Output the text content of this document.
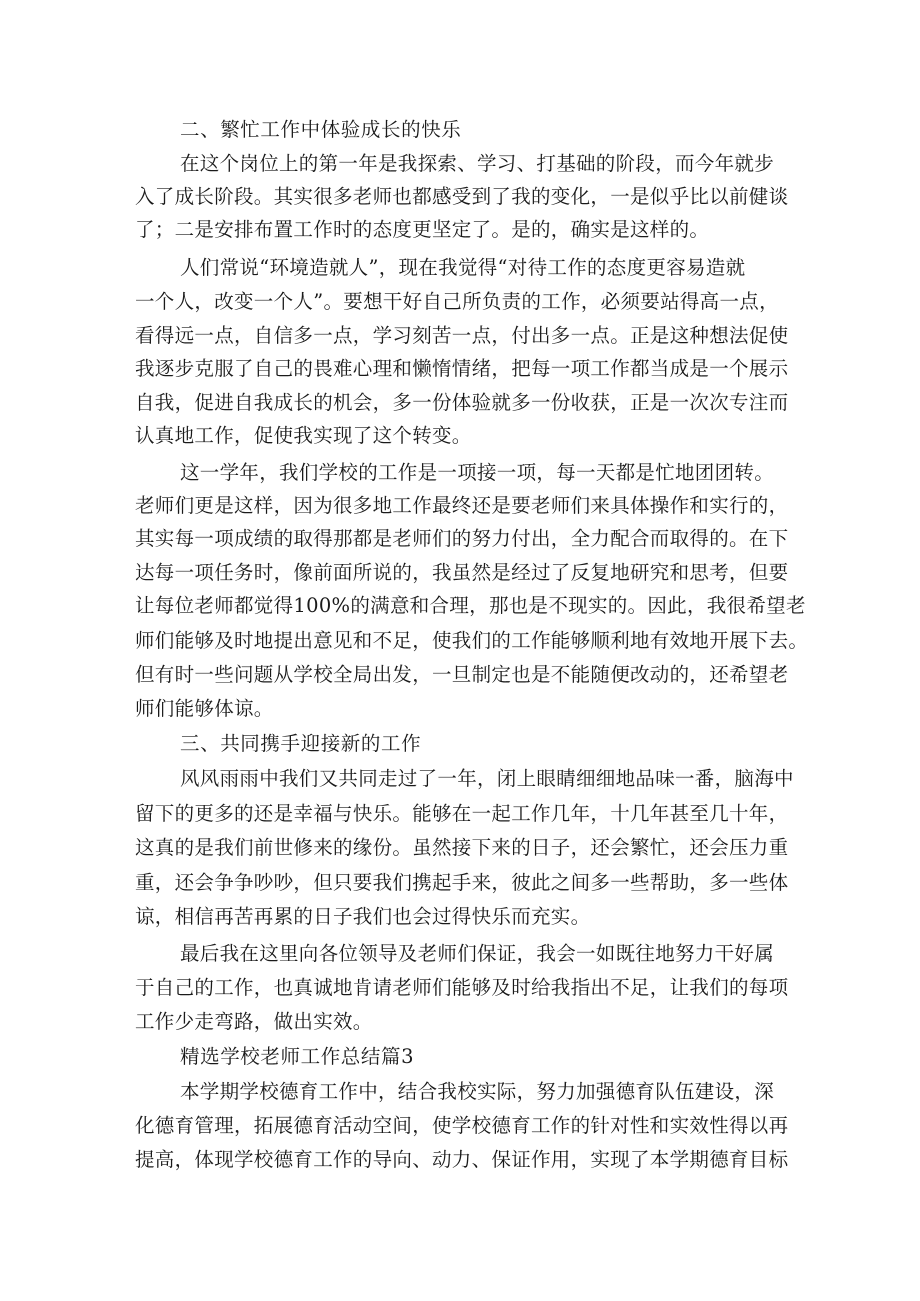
二、繁忙工作中体验成长的快乐
在这个岗位上的第一年是我探索、学习、打基础的阶段，而今年就步
入了成长阶段。其实很多老师也都感受到了我的变化，一是似乎比以前健谈
了；二是安排布置工作时的态度更坚定了。是的，确实是这样的。
人们常说“环境造就人”，现在我觉得“对待工作的态度更容易造就
一个人，改变一个人”。要想干好自己所负责的工作，必须要站得高一点，
看得远一点，自信多一点，学习刻苦一点，付出多一点。正是这种想法促使
我逐步克服了自己的畏难心理和懒惰情绪，把每一项工作都当成是一个展示
自我，促进自我成长的机会，多一份体验就多一份收获，正是一次次专注而
认真地工作，促使我实现了这个转变。
这一学年，我们学校的工作是一项接一项，每一天都是忙地团团转。
老师们更是这样，因为很多地工作最终还是要老师们来具体操作和实行的，
其实每一项成绩的取得那都是老师们的努力付出，全力配合而取得的。在下
达每一项任务时，像前面所说的，我虽然是经过了反复地研究和思考，但要
让每位老师都觉得100%的满意和合理，那也是不现实的。因此，我很希望老
师们能够及时地提出意见和不足，使我们的工作能够顺利地有效地开展下去。
但有时一些问题从学校全局出发，一旦制定也是不能随便改动的，还希望老
师们能够体谅。
三、共同携手迎接新的工作
风风雨雨中我们又共同走过了一年，闭上眼睛细细地品味一番，脑海中
留下的更多的还是幸福与快乐。能够在一起工作几年，十几年甚至几十年，
这真的是我们前世修来的缘份。虽然接下来的日子，还会繁忙，还会压力重
重，还会争争吵吵，但只要我们携起手来，彼此之间多一些帮助，多一些体
谅，相信再苦再累的日子我们也会过得快乐而充实。
最后我在这里向各位领导及老师们保证，我会一如既往地努力干好属
于自己的工作，也真诚地肯请老师们能够及时给我指出不足，让我们的每项
工作少走弯路，做出实效。
精选学校老师工作总结篇3
本学期学校德育工作中，结合我校实际，努力加强德育队伍建设，深
化德育管理，拓展德育活动空间，使学校德育工作的针对性和实效性得以再
提高，体现学校德育工作的导向、动力、保证作用，实现了本学期德育目标
